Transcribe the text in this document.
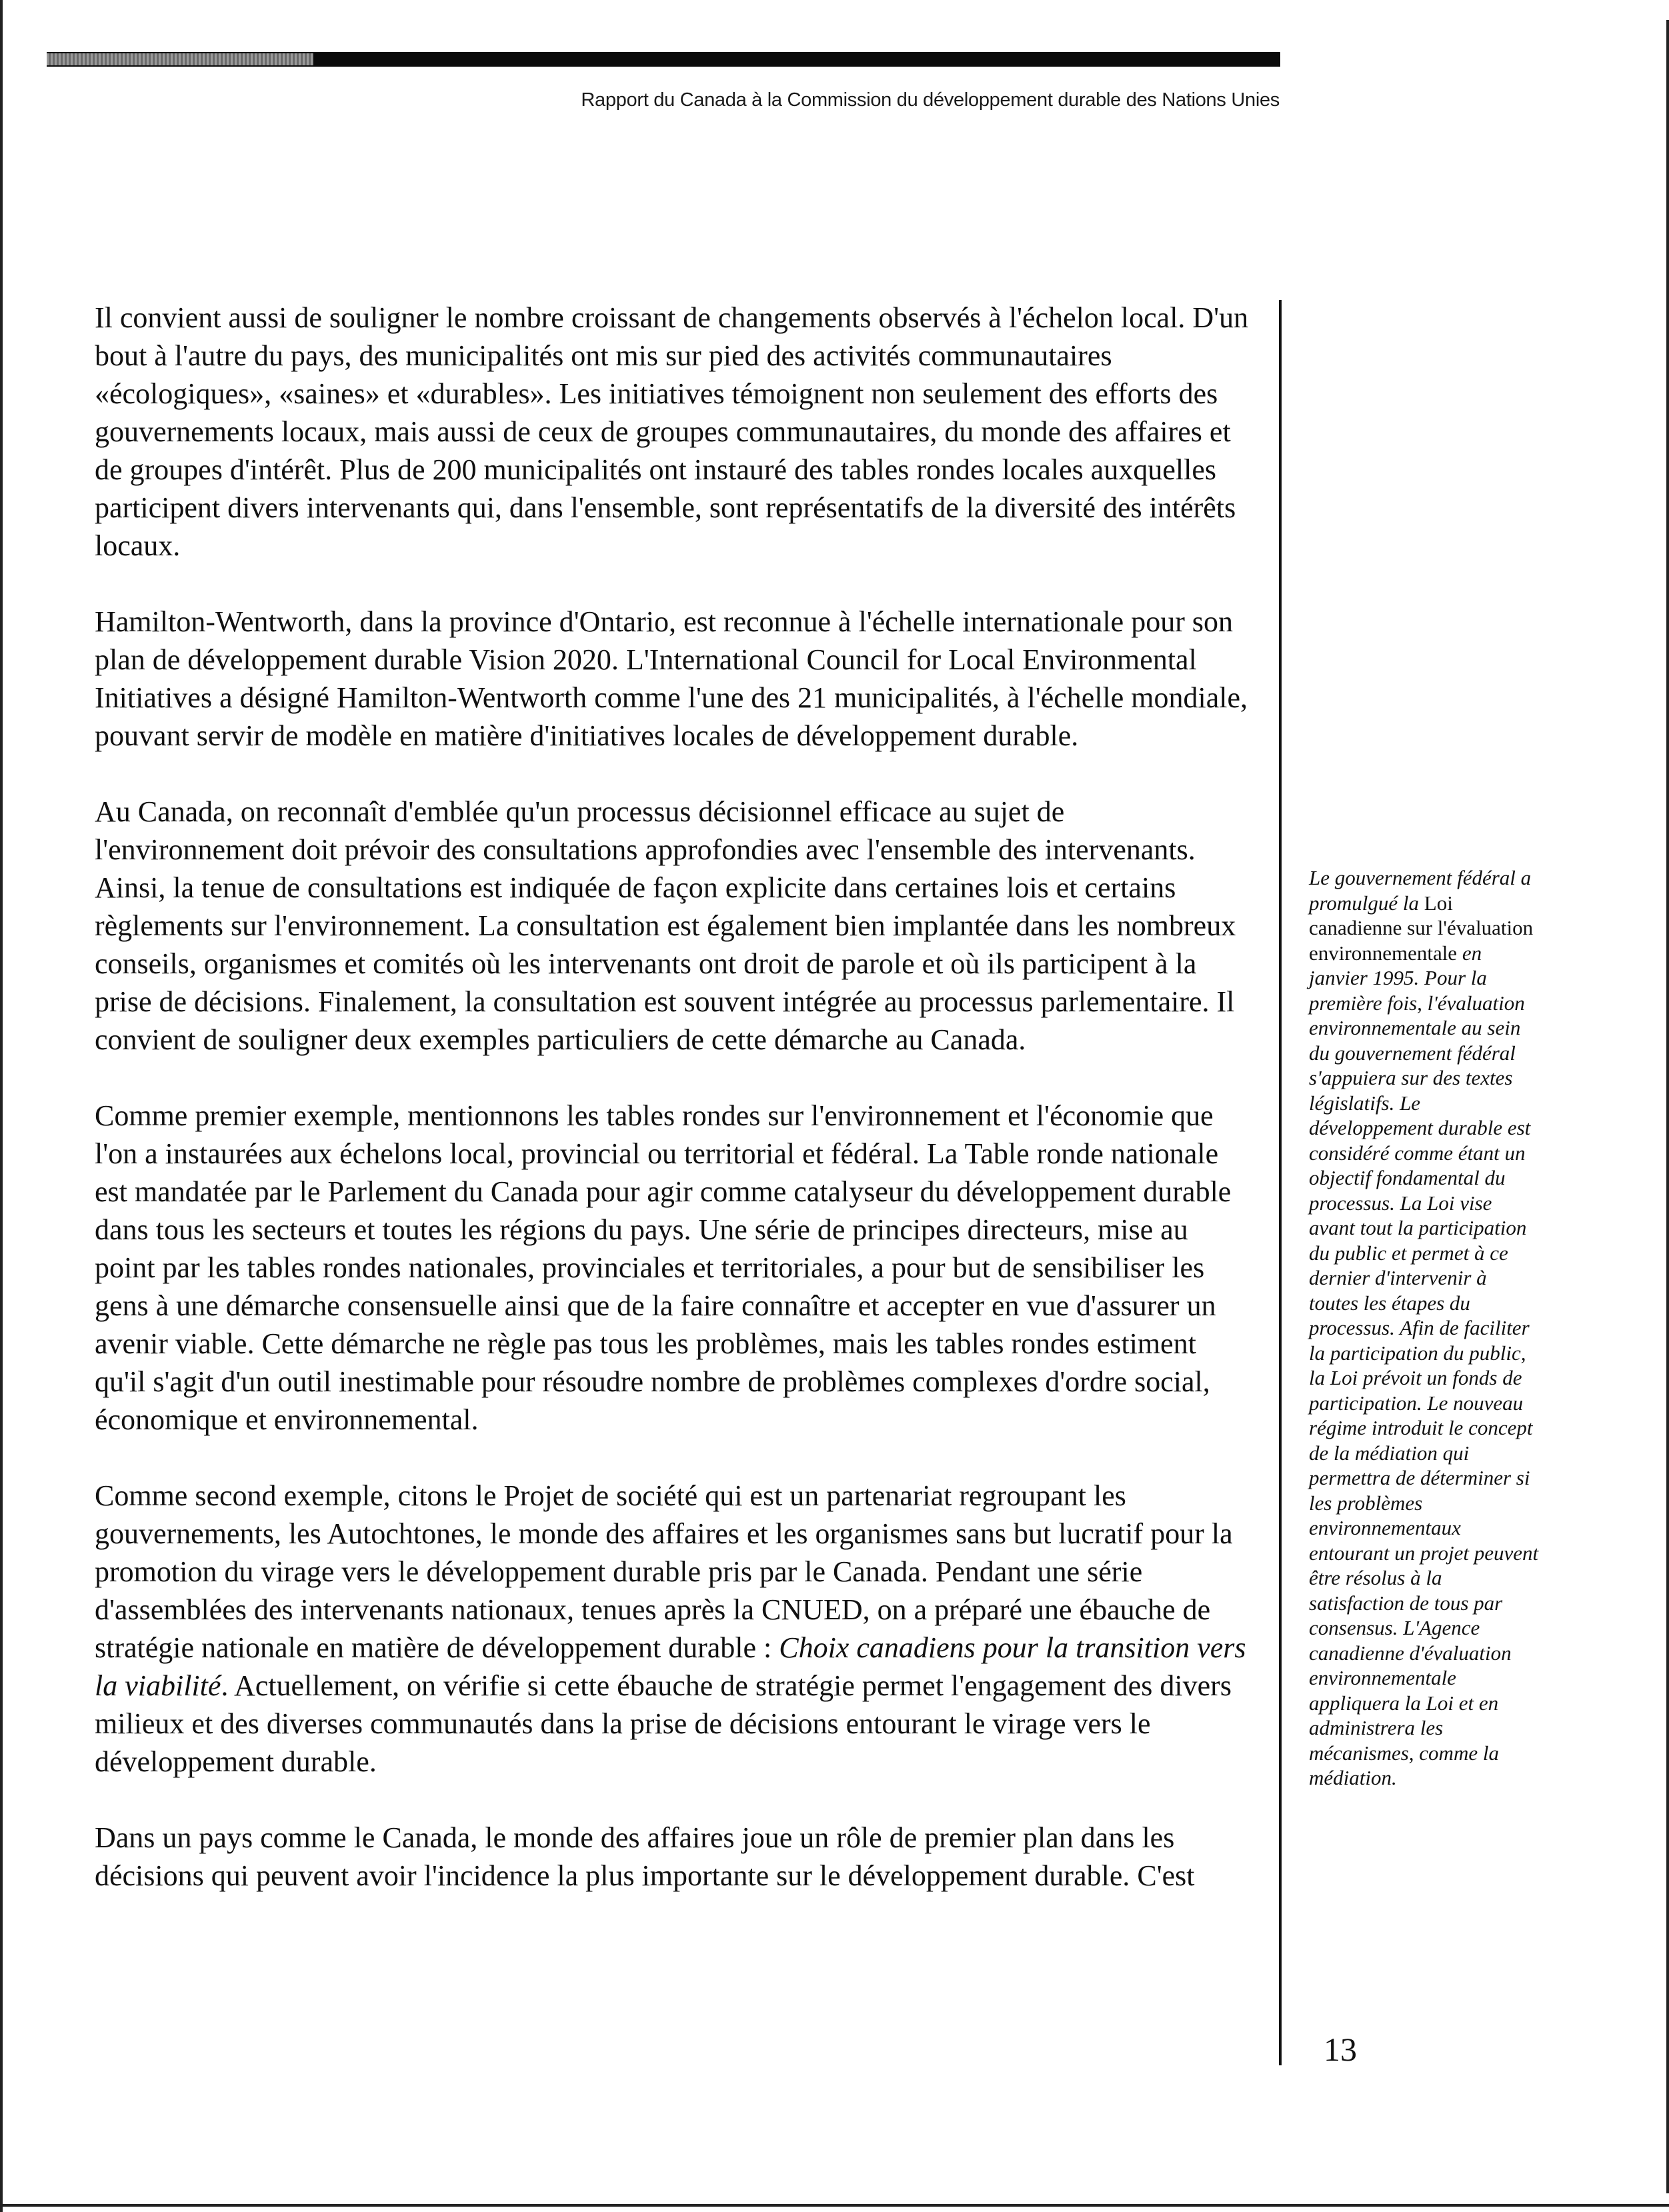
Rapport du Canada à la Commission du développement durable des Nations Unies

Il convient aussi de souligner le nombre croissant de changements observés à l'échelon local. D'un bout à l'autre du pays, des municipalités ont mis sur pied des activités communautaires «écologiques», «saines» et «durables». Les initiatives témoignent non seulement des efforts des gouvernements locaux, mais aussi de ceux de groupes communautaires, du monde des affaires et de groupes d'intérêt. Plus de 200 municipalités ont instauré des tables rondes locales auxquelles participent divers intervenants qui, dans l'ensemble, sont représentatifs de la diversité des intérêts locaux.

Hamilton-Wentworth, dans la province d'Ontario, est reconnue à l'échelle internationale pour son plan de développement durable Vision 2020. L'International Council for Local Environmental Initiatives a désigné Hamilton-Wentworth comme l'une des 21 municipalités, à l'échelle mondiale, pouvant servir de modèle en matière d'initiatives locales de développement durable.

Au Canada, on reconnaît d'emblée qu'un processus décisionnel efficace au sujet de l'environnement doit prévoir des consultations approfondies avec l'ensemble des intervenants. Ainsi, la tenue de consultations est indiquée de façon explicite dans certaines lois et certains règlements sur l'environnement. La consultation est également bien implantée dans les nombreux conseils, organismes et comités où les intervenants ont droit de parole et où ils participent à la prise de décisions. Finalement, la consultation est souvent intégrée au processus parlementaire. Il convient de souligner deux exemples particuliers de cette démarche au Canada.

Comme premier exemple, mentionnons les tables rondes sur l'environnement et l'économie que l'on a instaurées aux échelons local, provincial ou territorial et fédéral. La Table ronde nationale est mandatée par le Parlement du Canada pour agir comme catalyseur du développement durable dans tous les secteurs et toutes les régions du pays. Une série de principes directeurs, mise au point par les tables rondes nationales, provinciales et territoriales, a pour but de sensibiliser les gens à une démarche consensuelle ainsi que de la faire connaître et accepter en vue d'assurer un avenir viable. Cette démarche ne règle pas tous les problèmes, mais les tables rondes estiment qu'il s'agit d'un outil inestimable pour résoudre nombre de problèmes complexes d'ordre social, économique et environnemental.

Comme second exemple, citons le Projet de société qui est un partenariat regroupant les gouvernements, les Autochtones, le monde des affaires et les organismes sans but lucratif pour la promotion du virage vers le développement durable pris par le Canada. Pendant une série d'assemblées des intervenants nationaux, tenues après la CNUED, on a préparé une ébauche de stratégie nationale en matière de développement durable : Choix canadiens pour la transition vers la viabilité. Actuellement, on vérifie si cette ébauche de stratégie permet l'engagement des divers milieux et des diverses communautés dans la prise de décisions entourant le virage vers le développement durable.

Dans un pays comme le Canada, le monde des affaires joue un rôle de premier plan dans les décisions qui peuvent avoir l'incidence la plus importante sur le développement durable. C'est

Le gouvernement fédéral a promulgué la Loi canadienne sur l'évaluation environnementale en janvier 1995. Pour la première fois, l'évaluation environnementale au sein du gouvernement fédéral s'appuiera sur des textes législatifs. Le développement durable est considéré comme étant un objectif fondamental du processus. La Loi vise avant tout la participation du public et permet à ce dernier d'intervenir à toutes les étapes du processus. Afin de faciliter la participation du public, la Loi prévoit un fonds de participation. Le nouveau régime introduit le concept de la médiation qui permettra de déterminer si les problèmes environnementaux entourant un projet peuvent être résolus à la satisfaction de tous par consensus. L'Agence canadienne d'évaluation environnementale appliquera la Loi et en administrera les mécanismes, comme la médiation.
13
